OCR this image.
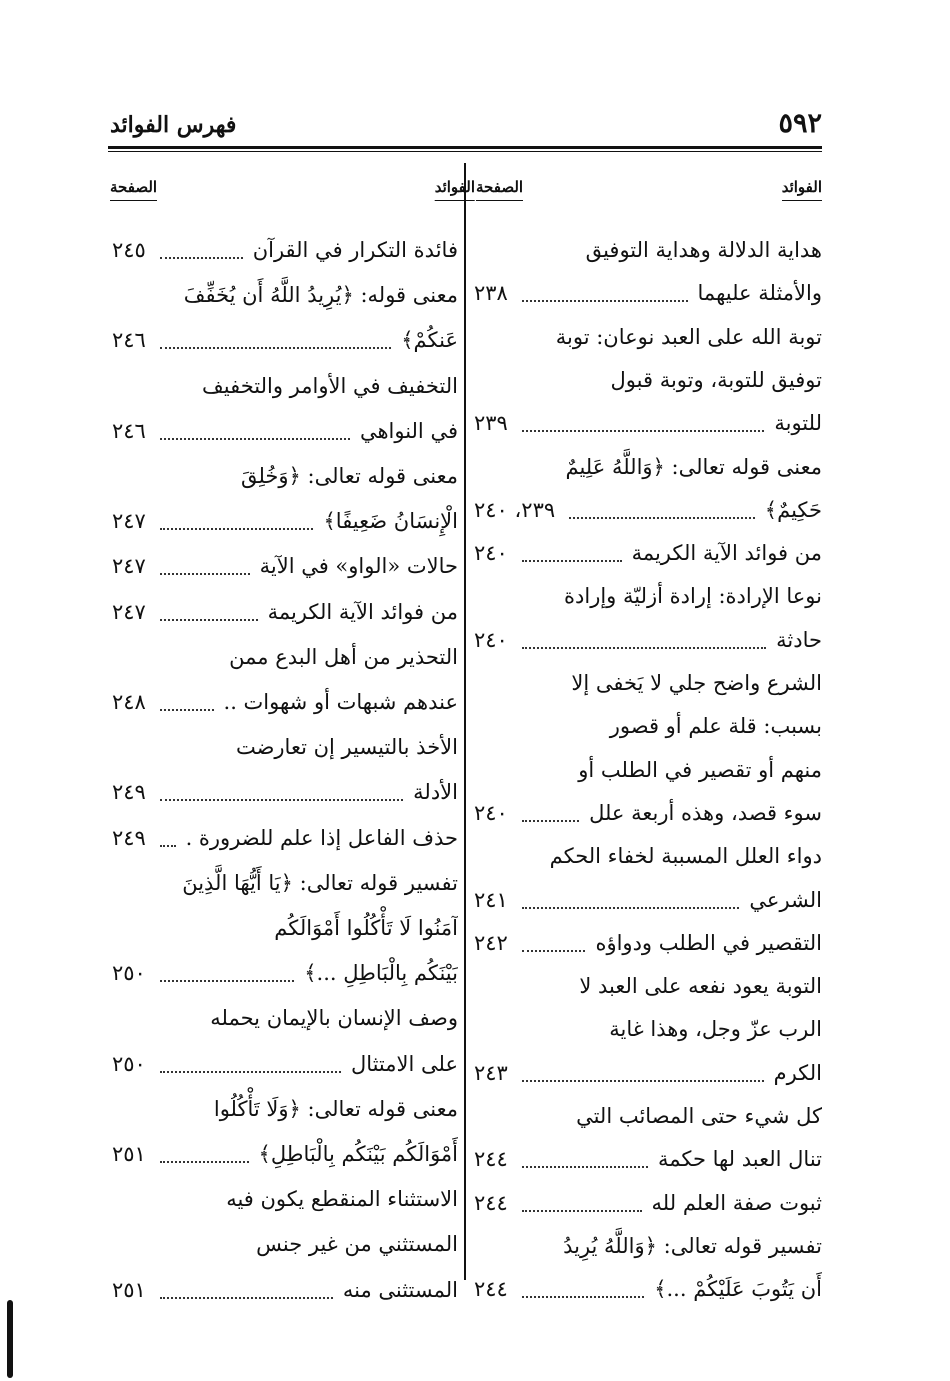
فهرس الفوائد	٥٩٢
الفوائد
الصفحة
الفوائد
الصفحة
هداية الدلالة وهداية التوفيق
والأمثلة عليهما
٢٣٨
توبة الله على العبد نوعان: توبة
توفيق للتوبة، وتوبة قبول
للتوبة
٢٣٩
معنى قوله تعالى: ﴿وَاللَّهُ عَلِيمٌ
حَكِيمٌ﴾
٢٣٩، ٢٤٠
من فوائد الآية الكريمة
٢٤٠
نوعا الإرادة: إرادة أزليّة وإرادة
حادثة
٢٤٠
الشرع واضح جلي لا يَخفى إلا
بسبب: قلة علم أو قصور
منهم أو تقصير في الطلب أو
سوء قصد، وهذه أربعة علل
٢٤٠
دواء العلل المسببة لخفاء الحكم
الشرعي
٢٤١
التقصير في الطلب ودواؤه
٢٤٢
التوبة يعود نفعه على العبد لا
الرب عزّ وجل، وهذا غاية
الكرم
٢٤٣
كل شيء حتى المصائب التي
تنال العبد لها حكمة
٢٤٤
ثبوت صفة العلم لله
٢٤٤
تفسير قوله تعالى: ﴿وَاللَّهُ يُرِيدُ
أَن يَتُوبَ عَلَيْكُمْ ...﴾
٢٤٤
فائدة التكرار في القرآن
٢٤٥
معنى قوله: ﴿يُرِيدُ اللَّهُ أَن يُخَفِّفَ
عَنكُمْ﴾
٢٤٦
التخفيف في الأوامر والتخفيف
في النواهي
٢٤٦
معنى قوله تعالى: ﴿وَخُلِقَ
الْإِنسَانُ ضَعِيفًا﴾
٢٤٧
حالات «الواو» في الآية
٢٤٧
من فوائد الآية الكريمة
٢٤٧
التحذير من أهل البدع ممن
عندهم شبهات أو شهوات ..
٢٤٨
الأخذ بالتيسير إن تعارضت
الأدلة
٢٤٩
حذف الفاعل إذا علم للضرورة .
٢٤٩
تفسير قوله تعالى: ﴿يَا أَيُّهَا الَّذِينَ
آمَنُوا لَا تَأْكُلُوا أَمْوَالَكُم
بَيْنَكُم بِالْبَاطِلِ ...﴾
٢٥٠
وصف الإنسان بالإيمان يحمله
على الامتثال
٢٥٠
معنى قوله تعالى: ﴿وَلَا تَأْكُلُوا
أَمْوَالَكُم بَيْنَكُم بِالْبَاطِلِ﴾
٢٥١
الاستثناء المنقطع يكون فيه
المستثني من غير جنس
المستثنى منه
٢٥١
